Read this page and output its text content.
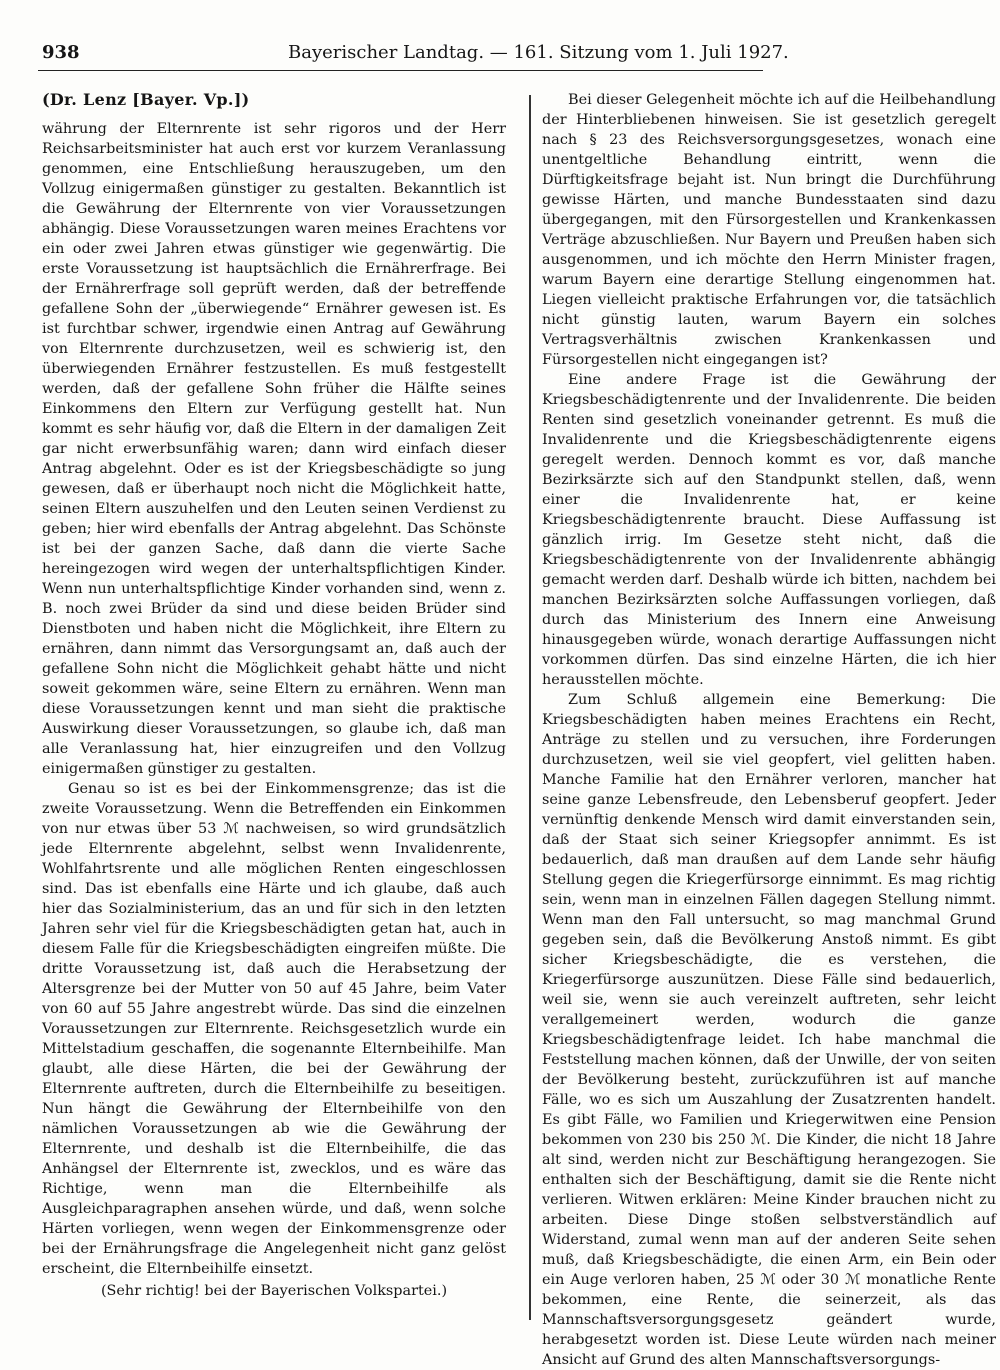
938	Bayerischer Landtag. — 161. Sitzung vom 1. Juli 1927.
(Dr. Lenz [Bayer. Vp.])

währung der Elternrente ist sehr rigoros und der Herr Reichsarbeitsminister hat auch erst vor kurzem Veranlassung genommen, eine Entschließung herauszugeben, um den Vollzug einigermaßen günstiger zu gestalten. Bekanntlich ist die Gewährung der Elternrente von vier Voraussetzungen abhängig. Diese Voraussetzungen waren meines Erachtens vor ein oder zwei Jahren etwas günstiger wie gegenwärtig. Die erste Voraussetzung ist hauptsächlich die Ernährerfrage. Bei der Ernährerfrage soll geprüft werden, daß der betreffende gefallene Sohn der „überwiegende“ Ernährer gewesen ist. Es ist furchtbar schwer, irgendwie einen Antrag auf Gewährung von Elternrente durchzusetzen, weil es schwierig ist, den überwiegenden Ernährer festzustellen. Es muß festgestellt werden, daß der gefallene Sohn früher die Hälfte seines Einkommens den Eltern zur Verfügung gestellt hat. Nun kommt es sehr häufig vor, daß die Eltern in der damaligen Zeit gar nicht erwerbsunfähig waren; dann wird einfach dieser Antrag abgelehnt. Oder es ist der Kriegsbeschädigte so jung gewesen, daß er überhaupt noch nicht die Möglichkeit hatte, seinen Eltern auszuhelfen und den Leuten seinen Verdienst zu geben; hier wird ebenfalls der Antrag abgelehnt. Das Schönste ist bei der ganzen Sache, daß dann die vierte Sache hereingezogen wird wegen der unterhaltspflichtigen Kinder. Wenn nun unterhaltspflichtige Kinder vorhanden sind, wenn z. B. noch zwei Brüder da sind und diese beiden Brüder sind Dienstboten und haben nicht die Möglichkeit, ihre Eltern zu ernähren, dann nimmt das Versorgungsamt an, daß auch der gefallene Sohn nicht die Möglichkeit gehabt hätte und nicht soweit gekommen wäre, seine Eltern zu ernähren. Wenn man diese Voraussetzungen kennt und man sieht die praktische Auswirkung dieser Voraussetzungen, so glaube ich, daß man alle Veranlassung hat, hier einzugreifen und den Vollzug einigermaßen günstiger zu gestalten.

Genau so ist es bei der Einkommensgrenze; das ist die zweite Voraussetzung. Wenn die Betreffenden ein Einkommen von nur etwas über 53 ℳ nachweisen, so wird grundsätzlich jede Elternrente abgelehnt, selbst wenn Invalidenrente, Wohlfahrtsrente und alle möglichen Renten eingeschlossen sind. Das ist ebenfalls eine Härte und ich glaube, daß auch hier das Sozialministerium, das an und für sich in den letzten Jahren sehr viel für die Kriegsbeschädigten getan hat, auch in diesem Falle für die Kriegsbeschädigten eingreifen müßte. Die dritte Voraussetzung ist, daß auch die Herabsetzung der Altersgrenze bei der Mutter von 50 auf 45 Jahre, beim Vater von 60 auf 55 Jahre angestrebt würde. Das sind die einzelnen Voraussetzungen zur Elternrente. Reichsgesetzlich wurde ein Mittelstadium geschaffen, die sogenannte Elternbeihilfe. Man glaubt, alle diese Härten, die bei der Gewährung der Elternrente auftreten, durch die Elternbeihilfe zu beseitigen. Nun hängt die Gewährung der Elternbeihilfe von den nämlichen Voraussetzungen ab wie die Gewährung der Elternrente, und deshalb ist die Elternbeihilfe, die das Anhängsel der Elternrente ist, zwecklos, und es wäre das Richtige, wenn man die Elternbeihilfe als Ausgleichparagraphen ansehen würde, und daß, wenn solche Härten vorliegen, wenn wegen der Einkommensgrenze oder bei der Ernährungsfrage die Angelegenheit nicht ganz gelöst erscheint, die Elternbeihilfe einsetzt.

(Sehr richtig! bei der Bayerischen Volkspartei.)

Bei dieser Gelegenheit möchte ich auf die Heilbehandlung der Hinterbliebenen hinweisen. Sie ist gesetzlich geregelt nach § 23 des Reichsversorgungsgesetzes, wonach eine unentgeltliche Behandlung eintritt, wenn die Dürftigkeitsfrage bejaht ist. Nun bringt die Durchführung gewisse Härten, und manche Bundesstaaten sind dazu übergegangen, mit den Fürsorgestellen und Krankenkassen Verträge abzuschließen. Nur Bayern und Preußen haben sich ausgenommen, und ich möchte den Herrn Minister fragen, warum Bayern eine derartige Stellung eingenommen hat. Liegen vielleicht praktische Erfahrungen vor, die tatsächlich nicht günstig lauten, warum Bayern ein solches Vertragsverhältnis zwischen Krankenkassen und Fürsorgestellen nicht eingegangen ist?

Eine andere Frage ist die Gewährung der Kriegsbeschädigtenrente und der Invalidenrente. Die beiden Renten sind gesetzlich voneinander getrennt. Es muß die Invalidenrente und die Kriegsbeschädigtenrente eigens geregelt werden. Dennoch kommt es vor, daß manche Bezirksärzte sich auf den Standpunkt stellen, daß, wenn einer die Invalidenrente hat, er keine Kriegsbeschädigtenrente braucht. Diese Auffassung ist gänzlich irrig. Im Gesetze steht nicht, daß die Kriegsbeschädigtenrente von der Invalidenrente abhängig gemacht werden darf. Deshalb würde ich bitten, nachdem bei manchen Bezirksärzten solche Auffassungen vorliegen, daß durch das Ministerium des Innern eine Anweisung hinausgegeben würde, wonach derartige Auffassungen nicht vorkommen dürfen. Das sind einzelne Härten, die ich hier herausstellen möchte.

Zum Schluß allgemein eine Bemerkung: Die Kriegsbeschädigten haben meines Erachtens ein Recht, Anträge zu stellen und zu versuchen, ihre Forderungen durchzusetzen, weil sie viel geopfert, viel gelitten haben. Manche Familie hat den Ernährer verloren, mancher hat seine ganze Lebensfreude, den Lebensberuf geopfert. Jeder vernünftig denkende Mensch wird damit einverstanden sein, daß der Staat sich seiner Kriegsopfer annimmt. Es ist bedauerlich, daß man draußen auf dem Lande sehr häufig Stellung gegen die Kriegerfürsorge einnimmt. Es mag richtig sein, wenn man in einzelnen Fällen dagegen Stellung nimmt. Wenn man den Fall untersucht, so mag manchmal Grund gegeben sein, daß die Bevölkerung Anstoß nimmt. Es gibt sicher Kriegsbeschädigte, die es verstehen, die Kriegerfürsorge auszunützen. Diese Fälle sind bedauerlich, weil sie, wenn sie auch vereinzelt auftreten, sehr leicht verallgemeinert werden, wodurch die ganze Kriegsbeschädigtenfrage leidet. Ich habe manchmal die Feststellung machen können, daß der Unwille, der von seiten der Bevölkerung besteht, zurückzuführen ist auf manche Fälle, wo es sich um Auszahlung der Zusatzrenten handelt. Es gibt Fälle, wo Familien und Kriegerwitwen eine Pension bekommen von 230 bis 250 ℳ. Die Kinder, die nicht 18 Jahre alt sind, werden nicht zur Beschäftigung herangezogen. Sie enthalten sich der Beschäftigung, damit sie die Rente nicht verlieren. Witwen erklären: Meine Kinder brauchen nicht zu arbeiten. Diese Dinge stoßen selbstverständlich auf Widerstand, zumal wenn man auf der anderen Seite sehen muß, daß Kriegsbeschädigte, die einen Arm, ein Bein oder ein Auge verloren haben, 25 ℳ oder 30 ℳ monatliche Rente bekommen, eine Rente, die seinerzeit, als das Mannschaftsversorgungsgesetz geändert wurde, herabgesetzt worden ist. Diese Leute würden nach meiner Ansicht auf Grund des alten Mannschaftsversorgungs-
